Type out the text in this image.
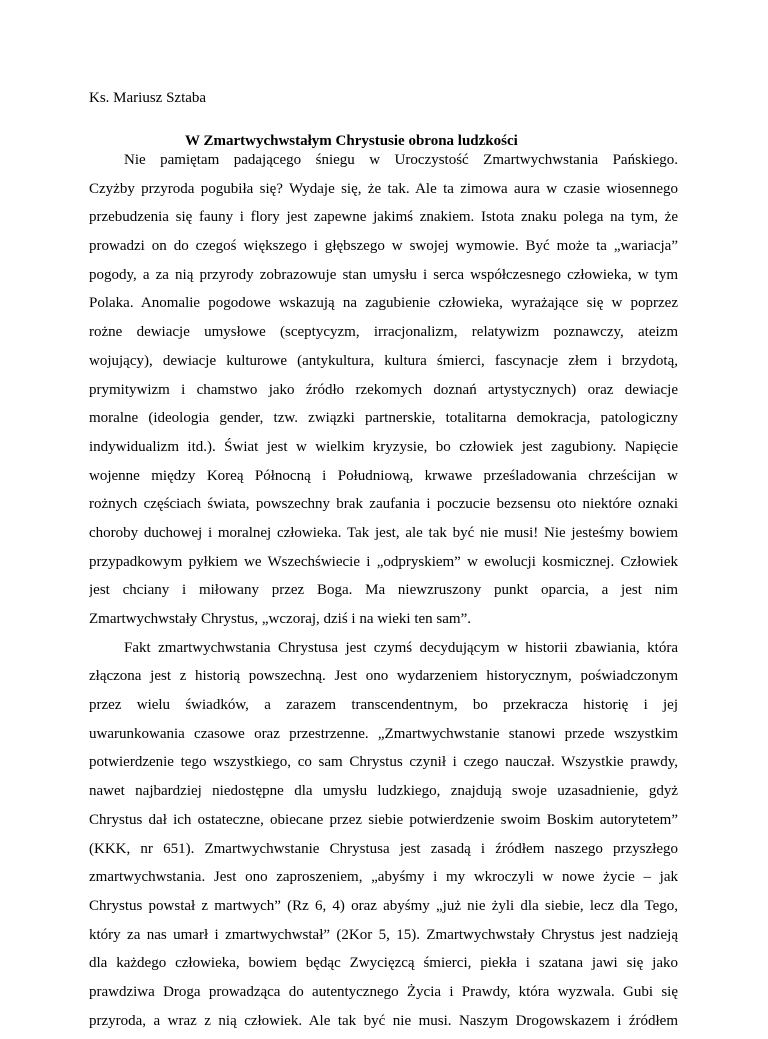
Ks. Mariusz Sztaba
W Zmartwychwstałym Chrystusie obrona ludzkości
Nie pamiętam padającego śniegu w Uroczystość Zmartwychwstania Pańskiego.
Czyżby przyroda pogubiła się? Wydaje się, że tak. Ale ta zimowa aura w czasie wiosennego
przebudzenia się fauny i flory jest zapewne jakimś znakiem. Istota znaku polega na tym, że
prowadzi on do czegoś większego i głębszego w swojej wymowie. Być może ta „wariacja”
pogody, a za nią przyrody zobrazowuje stan umysłu i serca współczesnego człowieka, w tym
Polaka. Anomalie pogodowe wskazują na zagubienie człowieka, wyrażające się w poprzez
rożne dewiacje umysłowe (sceptycyzm, irracjonalizm, relatywizm poznawczy, ateizm
wojujący), dewiacje kulturowe (antykultura, kultura śmierci, fascynacje złem i brzydotą,
prymitywizm i chamstwo jako źródło rzekomych doznań artystycznych) oraz dewiacje
moralne (ideologia gender, tzw. związki partnerskie, totalitarna demokracja, patologiczny
indywidualizm itd.). Świat jest w wielkim kryzysie, bo człowiek jest zagubiony. Napięcie
wojenne między Koreą Północną i Południową, krwawe prześladowania chrześcijan w
rożnych częściach świata, powszechny brak zaufania i poczucie bezsensu oto niektóre oznaki
choroby duchowej i moralnej człowieka. Tak jest, ale tak być nie musi! Nie jesteśmy bowiem
przypadkowym pyłkiem we Wszechświecie i „odpryskiem” w ewolucji kosmicznej. Człowiek
jest chciany i miłowany przez Boga. Ma niewzruszony punkt oparcia, a jest nim
Zmartwychwstały Chrystus, „wczoraj, dziś i na wieki ten sam”.
Fakt zmartwychwstania Chrystusa jest czymś decydującym w historii zbawiania, która
złączona jest z historią powszechną. Jest ono wydarzeniem historycznym, poświadczonym
przez wielu świadków, a zarazem transcendentnym, bo przekracza historię i jej
uwarunkowania czasowe oraz przestrzenne. „Zmartwychwstanie stanowi przede wszystkim
potwierdzenie tego wszystkiego, co sam Chrystus czynił i czego nauczał. Wszystkie prawdy,
nawet najbardziej niedostępne dla umysłu ludzkiego, znajdują swoje uzasadnienie, gdyż
Chrystus dał ich ostateczne, obiecane przez siebie potwierdzenie swoim Boskim autorytetem”
(KKK, nr 651). Zmartwychwstanie Chrystusa jest zasadą i źródłem naszego przyszłego
zmartwychwstania. Jest ono zaproszeniem, „abyśmy i my wkroczyli w nowe życie – jak
Chrystus powstał z martwych” (Rz 6, 4) oraz abyśmy „już nie żyli dla siebie, lecz dla Tego,
który za nas umarł i zmartwychwstał” (2Kor 5, 15). Zmartwychwstały Chrystus jest nadzieją
dla każdego człowieka, bowiem będąc Zwycięzcą śmierci, piekła i szatana jawi się jako
prawdziwa Droga prowadząca do autentycznego Życia i Prawdy, która wyzwala. Gubi się
przyroda, a wraz z nią człowiek. Ale tak być nie musi. Naszym Drogowskazem i źródłem
